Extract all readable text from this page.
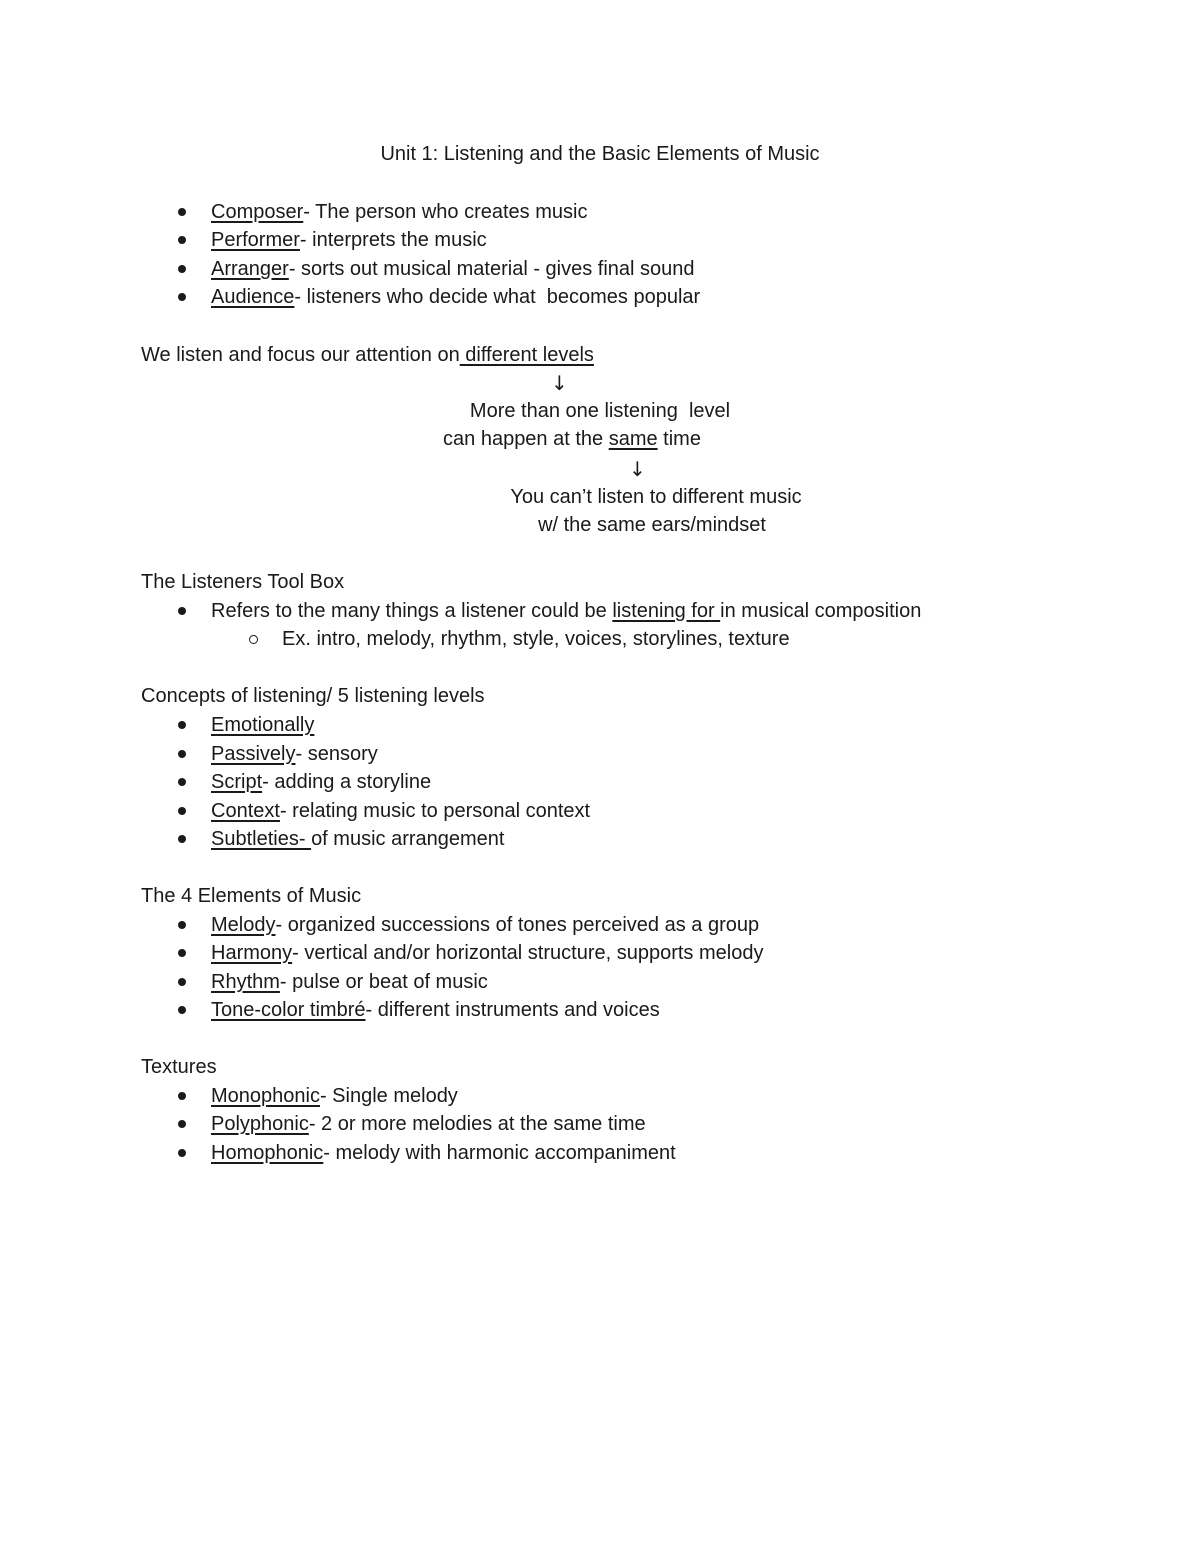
Unit 1: Listening and the Basic Elements of Music
Composer- The person who creates music
Performer- interprets the music
Arranger- sorts out musical material - gives final sound
Audience- listeners who decide what  becomes popular
We listen and focus our attention on different levels
↓
More than one listening  level
can happen at the same time
↓
You can’t listen to different music
w/ the same ears/mindset
The Listeners Tool Box
Refers to the many things a listener could be listening for in musical composition
Ex. intro, melody, rhythm, style, voices, storylines, texture
Concepts of listening/ 5 listening levels
Emotionally
Passively- sensory
Script- adding a storyline
Context- relating music to personal context
Subtleties- of music arrangement
The 4 Elements of Music
Melody- organized successions of tones perceived as a group
Harmony- vertical and/or horizontal structure, supports melody
Rhythm- pulse or beat of music
Tone-color timbré- different instruments and voices
Textures
Monophonic- Single melody
Polyphonic- 2 or more melodies at the same time
Homophonic- melody with harmonic accompaniment
